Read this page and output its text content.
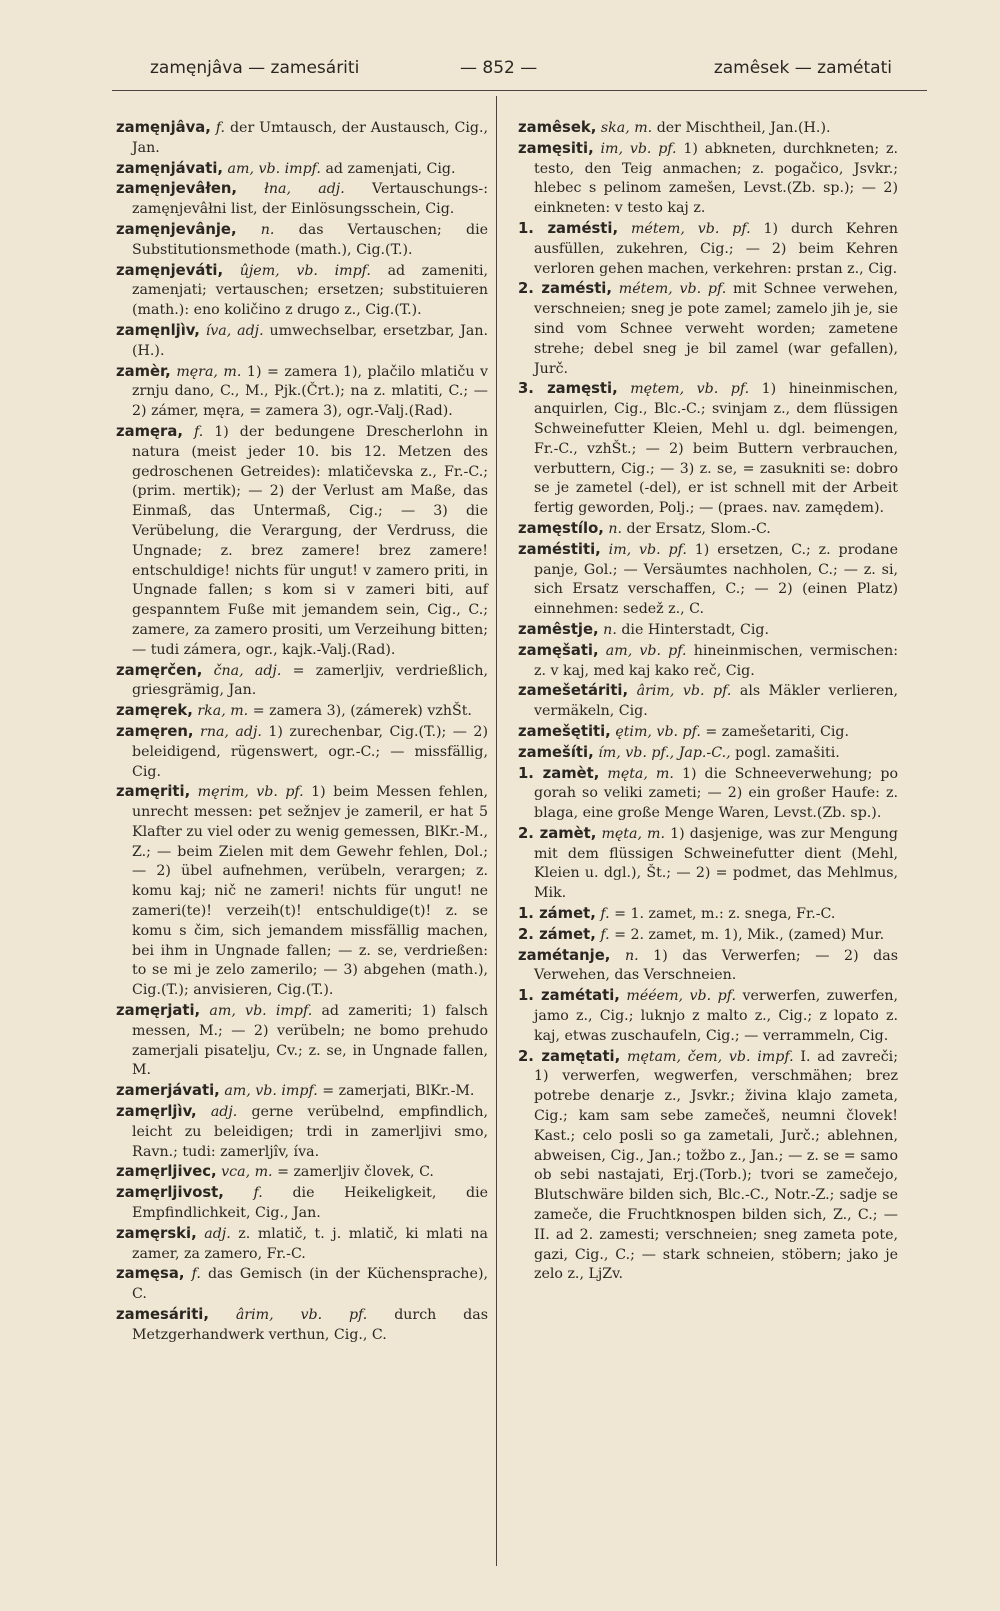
zamęnjâva — zamesáriti	— 852 —	zamêsek — zamétati
zamęnjâva, f. der Umtausch, der Austausch, Cig., Jan.
zamęnjávati, am, vb. impf. ad zamenjati, Cig.
zamęnjevâłen, łna, adj. Vertauschungs-: zamęnjevâłni list, der Einlösungsschein, Cig.
zamęnjevânje, n. das Vertauschen; die Substitutionsmethode (math.), Cig.(T.).
zamęnjeváti, ûjem, vb. impf. ad zameniti, zamenjati; vertauschen; ersetzen; substituieren (math.): eno količino z drugo z., Cig.(T.).
zamęnljìv, íva, adj. umwechselbar, ersetzbar, Jan.(H.).
zamèr, męra, m. 1) = zamera 1), plačilo mlatiču v zrnju dano, C., M., Pjk.(Črt.); na z. mlatiti, C.; — 2) zámer, męra, = zamera 3), ogr.-Valj.(Rad).
zamęra, f. 1) der bedungene Drescherlohn in natura (meist jeder 10. bis 12. Metzen des gedroschenen Getreides): mlatičevska z., Fr.-C.; (prim. mertik); — 2) der Verlust am Maße, das Einmaß, das Untermaß, Cig.; — 3) die Verübelung, die Verargung, der Verdruss, die Ungnade; z. brez zamere! brez zamere! entschuldige! nichts für ungut! v zamero priti, in Ungnade fallen; s kom si v zameri biti, auf gespanntem Fuße mit jemandem sein, Cig., C.; zamere, za zamero prositi, um Verzeihung bitten; — tudi zámera, ogr., kajk.-Valj.(Rad).
zamęrčen, čna, adj. = zamerljiv, verdrießlich, griesgrämig, Jan.
zamęrek, rka, m. = zamera 3), (zámerek) vzhŠt.
zamęren, rna, adj. 1) zurechenbar, Cig.(T.); — 2) beleidigend, rügenswert, ogr.-C.; — missfällig, Cig.
zamęriti, męrim, vb. pf. 1) beim Messen fehlen, unrecht messen: pet sežnjev je zameril, er hat 5 Klafter zu viel oder zu wenig gemessen, BlKr.-M., Z.; — beim Zielen mit dem Gewehr fehlen, Dol.; — 2) übel aufnehmen, verübeln, verargen; z. komu kaj; nič ne zameri! nichts für ungut! ne zameri(te)! verzeih(t)! entschuldige(t)! z. se komu s čim, sich jemandem missfällig machen, bei ihm in Ungnade fallen; — z. se, verdrießen: to se mi je zelo zamerilo; — 3) abgehen (math.), Cig.(T.); anvisieren, Cig.(T.).
zamęrjati, am, vb. impf. ad zameriti; 1) falsch messen, M.; — 2) verübeln; ne bomo prehudo zamerjali pisatelju, Cv.; z. se, in Ungnade fallen, M.
zamerjávati, am, vb. impf. = zamerjati, BlKr.-M.
zamęrljìv, adj. gerne verübelnd, empfindlich, leicht zu beleidigen; trdi in zamerljivi smo, Ravn.; tudi: zamerljîv, íva.
zamęrljivec, vca, m. = zamerljiv človek, C.
zamęrljivost, f. die Heikeligkeit, die Empfindlichkeit, Cig., Jan.
zamęrski, adj. z. mlatič, t. j. mlatič, ki mlati na zamer, za zamero, Fr.-C.
zamęsa, f. das Gemisch (in der Küchensprache), C.
zamesáriti, ârim, vb. pf. durch das Metzgerhandwerk verthun, Cig., C.
zamêsek, ska, m. der Mischtheil, Jan.(H.).
zamęsiti, im, vb. pf. 1) abkneten, durchkneten; z. testo, den Teig anmachen; z. pogačico, Jsvkr.; hlebec s pelinom zamešen, Levst.(Zb. sp.); — 2) einkneten: v testo kaj z.
1. zamésti, métem, vb. pf. 1) durch Kehren ausfüllen, zukehren, Cig.; — 2) beim Kehren verloren gehen machen, verkehren: prstan z., Cig.
2. zamésti, métem, vb. pf. mit Schnee verwehen, verschneien; sneg je pote zamel; zamelo jih je, sie sind vom Schnee verweht worden; zametene strehe; debel sneg je bil zamel (war gefallen), Jurč.
3. zamęsti, mętem, vb. pf. 1) hineinmischen, anquirlen, Cig., Blc.-C.; svinjam z., dem flüssigen Schweinefutter Kleien, Mehl u. dgl. beimengen, Fr.-C., vzhŠt.; — 2) beim Buttern verbrauchen, verbuttern, Cig.; — 3) z. se, = zasukniti se: dobro se je zametel (-del), er ist schnell mit der Arbeit fertig geworden, Polj.; — (praes. nav. zamędem).
zamęstílo, n. der Ersatz, Slom.-C.
zaméstiti, im, vb. pf. 1) ersetzen, C.; z. prodane panje, Gol.; — Versäumtes nachholen, C.; — z. si, sich Ersatz verschaffen, C.; — 2) (einen Platz) einnehmen: sedež z., C.
zamêstje, n. die Hinterstadt, Cig.
zamęšati, am, vb. pf. hineinmischen, vermischen: z. v kaj, med kaj kako reč, Cig.
zamešetáriti, ârim, vb. pf. als Mäkler verlieren, vermäkeln, Cig.
zamešętiti, ętim, vb. pf. = zamešetariti, Cig.
zamešíti, ím, vb. pf., Jap.-C., pogl. zamašiti.
1. zamèt, męta, m. 1) die Schneeverwehung; po gorah so veliki zameti; — 2) ein großer Haufe: z. blaga, eine große Menge Waren, Levst.(Zb. sp.).
2. zamèt, męta, m. 1) dasjenige, was zur Mengung mit dem flüssigen Schweinefutter dient (Mehl, Kleien u. dgl.), Št.; — 2) = podmet, das Mehlmus, Mik.
1. zámet, f. = 1. zamet, m.: z. snega, Fr.-C.
2. zámet, f. = 2. zamet, m. 1), Mik., (zamed) Mur.
zamétanje, n. 1) das Verwerfen; — 2) das Verwehen, das Verschneien.
1. zamétati, mééem, vb. pf. verwerfen, zuwerfen, jamo z., Cig.; luknjo z malto z., Cig.; z lopato z. kaj, etwas zuschaufeln, Cig.; — verrammeln, Cig.
2. zamętati, mętam, čem, vb. impf. I. ad zavreči; 1) verwerfen, wegwerfen, verschmähen; brez potrebe denarje z., Jsvkr.; živina klajo zameta, Cig.; kam sam sebe zamečeš, neumni človek! Kast.; celo posli so ga zametali, Jurč.; ablehnen, abweisen, Cig., Jan.; tožbo z., Jan.; — z. se = samo ob sebi nastajati, Erj.(Torb.); tvori se zamečejo, Blutschwäre bilden sich, Blc.-C., Notr.-Z.; sadje se zameče, die Fruchtknospen bilden sich, Z., C.; — II. ad 2. zamesti; verschneien; sneg zameta pote, gazi, Cig., C.; — stark schneien, stöbern; jako je zelo z., LjZv.
